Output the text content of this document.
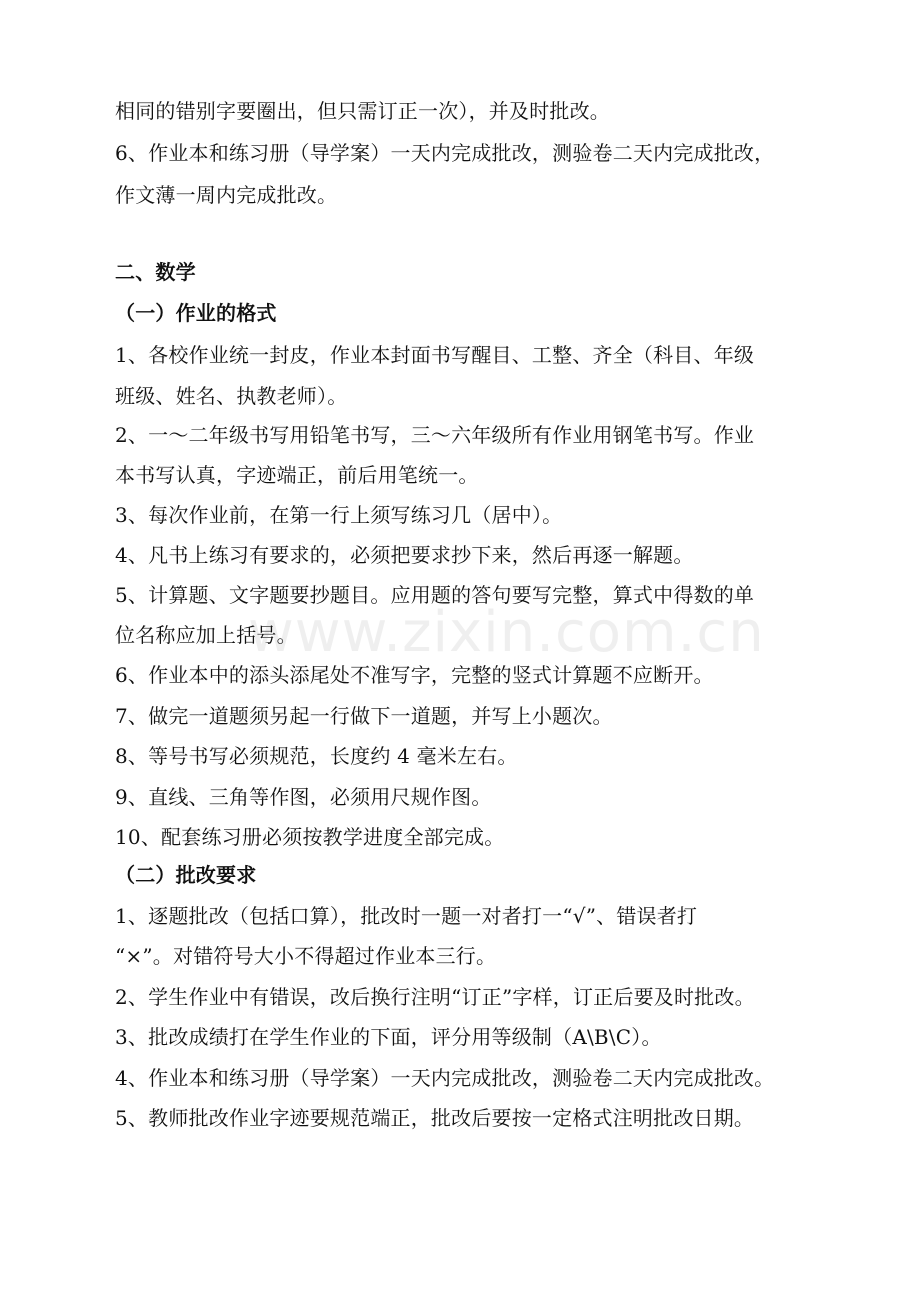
相同的错别字要圈出，但只需订正一次），并及时批改。
6、作业本和练习册（导学案）一天内完成批改，测验卷二天内完成批改，
作文薄一周内完成批改。
二、数学
（一）作业的格式
1、各校作业统一封皮，作业本封面书写醒目、工整、齐全（科目、年级
班级、姓名、执教老师）。
2、一～二年级书写用铅笔书写，三～六年级所有作业用钢笔书写。作业
本书写认真，字迹端正，前后用笔统一。
3、每次作业前，在第一行上须写练习几（居中）。
4、凡书上练习有要求的，必须把要求抄下来，然后再逐一解题。
5、计算题、文字题要抄题目。应用题的答句要写完整，算式中得数的单
位名称应加上括号。
6、作业本中的添头添尾处不准写字，完整的竖式计算题不应断开。
7、做完一道题须另起一行做下一道题，并写上小题次。
8、等号书写必须规范，长度约 4 毫米左右。
9、直线、三角等作图，必须用尺规作图。
10、配套练习册必须按教学进度全部完成。
（二）批改要求
1、逐题批改（包括口算），批改时一题一对者打一“√”、错误者打
“×”。对错符号大小不得超过作业本三行。
2、学生作业中有错误，改后换行注明“订正”字样，订正后要及时批改。
3、批改成绩打在学生作业的下面，评分用等级制（A\B\C）。
4、作业本和练习册（导学案）一天内完成批改，测验卷二天内完成批改。
5、教师批改作业字迹要规范端正，批改后要按一定格式注明批改日期。
www.zixin.com.cn
